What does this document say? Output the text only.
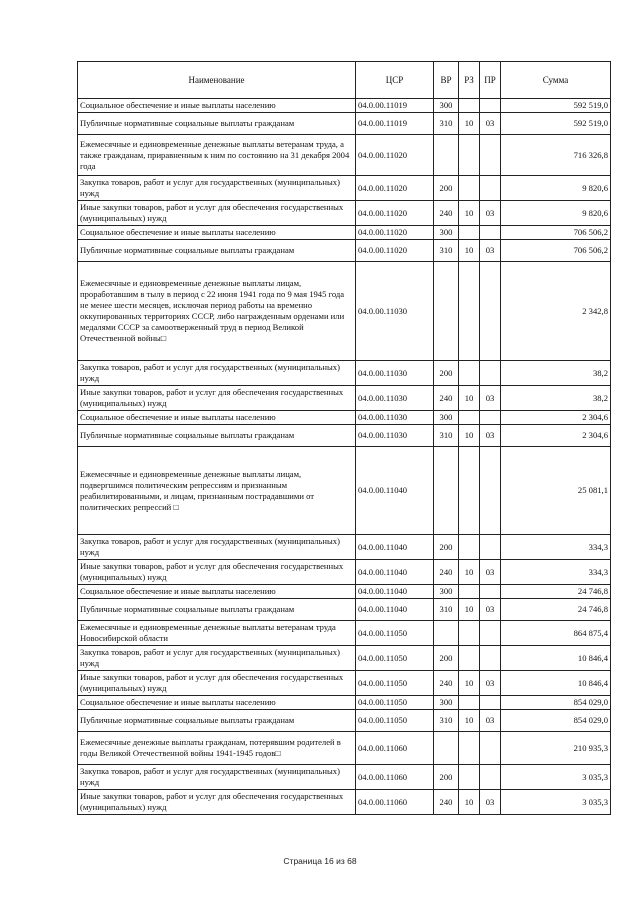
Наименование	ЦСР	ВР	РЗ	ПР	Сумма
Социальное обеспечение и иные выплаты населению	04.0.00.11019	300			592 519,0
Публичные нормативные социальные выплаты гражданам	04.0.00.11019	310	10	03	592 519,0
Ежемесячные и единовременные денежные выплаты ветеранам труда, а также гражданам, приравненным к ним по состоянию на 31 декабря 2004 года	04.0.00.11020				716 326,8
Закупка товаров, работ и услуг для государственных (муниципальных) нужд	04.0.00.11020	200			9 820,6
Иные закупки товаров, работ и услуг для обеспечения государственных (муниципальных) нужд	04.0.00.11020	240	10	03	9 820,6
Социальное обеспечение и иные выплаты населению	04.0.00.11020	300			706 506,2
Публичные нормативные социальные выплаты гражданам	04.0.00.11020	310	10	03	706 506,2
Ежемесячные и единовременные денежные выплаты лицам, проработавшим в тылу в период с 22 июня 1941 года по 9 мая 1945 года не менее шести месяцев, исключая период работы на временно оккупированных территориях СССР, либо награжденным орденами или медалями СССР за самоотверженный труд в период Великой Отечественной войны□	04.0.00.11030				2 342,8
Закупка товаров, работ и услуг для государственных (муниципальных) нужд	04.0.00.11030	200			38,2
Иные закупки товаров, работ и услуг для обеспечения государственных (муниципальных) нужд	04.0.00.11030	240	10	03	38,2
Социальное обеспечение и иные выплаты населению	04.0.00.11030	300			2 304,6
Публичные нормативные социальные выплаты гражданам	04.0.00.11030	310	10	03	2 304,6
Ежемесячные и единовременные денежные выплаты лицам, подвергшимся политическим репрессиям и признанным реабилитированными, и лицам, признанным пострадавшими от политических репрессий □	04.0.00.11040				25 081,1
Закупка товаров, работ и услуг для государственных (муниципальных) нужд	04.0.00.11040	200			334,3
Иные закупки товаров, работ и услуг для обеспечения государственных (муниципальных) нужд	04.0.00.11040	240	10	03	334,3
Социальное обеспечение и иные выплаты населению	04.0.00.11040	300			24 746,8
Публичные нормативные социальные выплаты гражданам	04.0.00.11040	310	10	03	24 746,8
Ежемесячные и единовременные денежные выплаты ветеранам труда Новосибирской области	04.0.00.11050				864 875,4
Закупка товаров, работ и услуг для государственных (муниципальных) нужд	04.0.00.11050	200			10 846,4
Иные закупки товаров, работ и услуг для обеспечения государственных (муниципальных) нужд	04.0.00.11050	240	10	03	10 846,4
Социальное обеспечение и иные выплаты населению	04.0.00.11050	300			854 029,0
Публичные нормативные социальные выплаты гражданам	04.0.00.11050	310	10	03	854 029,0
Ежемесячные денежные выплаты гражданам, потерявшим родителей в годы Великой Отечественной войны 1941-1945 годов□	04.0.00.11060				210 935,3
Закупка товаров, работ и услуг для государственных (муниципальных) нужд	04.0.00.11060	200			3 035,3
Иные закупки товаров, работ и услуг для обеспечения государственных (муниципальных) нужд	04.0.00.11060	240	10	03	3 035,3
Страница 16 из 68
